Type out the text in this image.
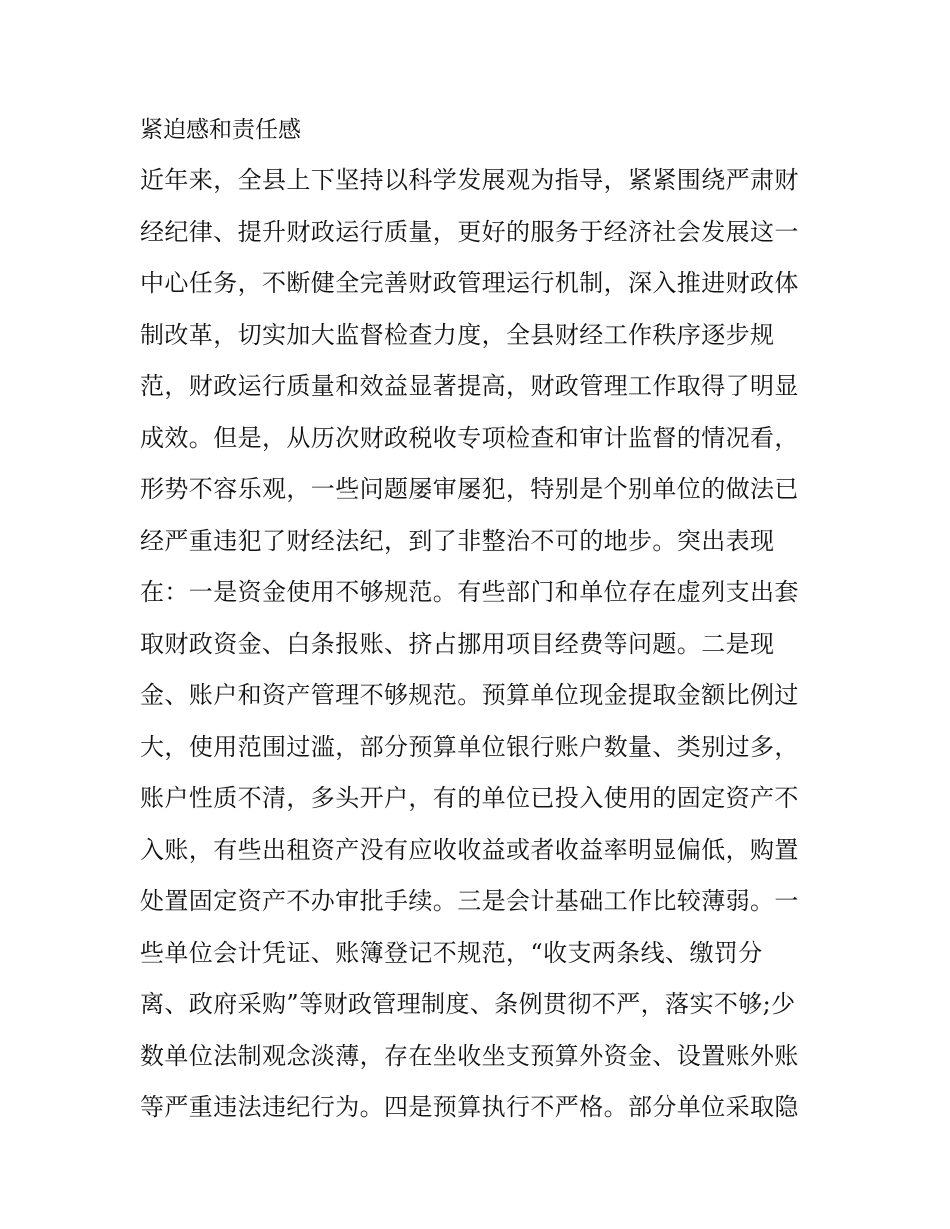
紧迫感和责任感
近年来，全县上下坚持以科学发展观为指导，紧紧围绕严肃财
经纪律、提升财政运行质量，更好的服务于经济社会发展这一
中心任务，不断健全完善财政管理运行机制，深入推进财政体
制改革，切实加大监督检查力度，全县财经工作秩序逐步规
范，财政运行质量和效益显著提高，财政管理工作取得了明显
成效。但是，从历次财政税收专项检查和审计监督的情况看，
形势不容乐观，一些问题屡审屡犯，特别是个别单位的做法已
经严重违犯了财经法纪，到了非整治不可的地步。突出表现
在：一是资金使用不够规范。有些部门和单位存在虚列支出套
取财政资金、白条报账、挤占挪用项目经费等问题。二是现
金、账户和资产管理不够规范。预算单位现金提取金额比例过
大，使用范围过滥，部分预算单位银行账户数量、类别过多，
账户性质不清，多头开户，有的单位已投入使用的固定资产不
入账，有些出租资产没有应收收益或者收益率明显偏低，购置
处置固定资产不办审批手续。三是会计基础工作比较薄弱。一
些单位会计凭证、账簿登记不规范，“收支两条线、缴罚分
离、政府采购”等财政管理制度、条例贯彻不严，落实不够;少
数单位法制观念淡薄，存在坐收坐支预算外资金、设置账外账
等严重违法违纪行为。四是预算执行不严格。部分单位采取隐
